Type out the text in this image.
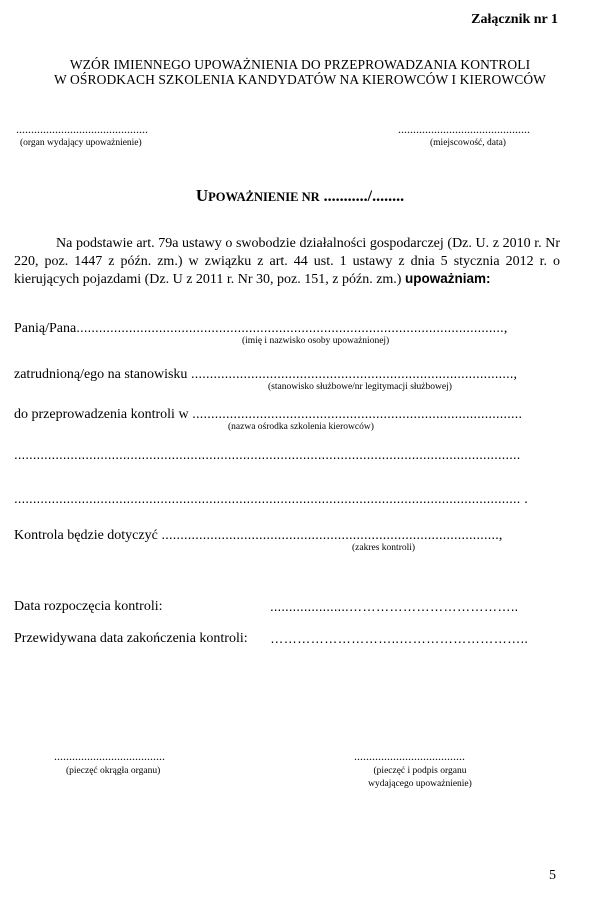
Załącznik nr 1
WZÓR IMIENNEGO UPOWAŻNIENIA DO PRZEPROWADZANIA KONTROLI
W OŚRODKACH SZKOLENIA KANDYDATÓW NA KIEROWCÓW I KIEROWCÓW
............................................
(organ wydający upoważnienie)
............................................
(miejscowość, data)
UPOWAŻNIENIE NR .........../........
Na podstawie art. 79a ustawy o swobodzie działalności gospodarczej (Dz. U. z 2010 r. Nr 220, poz. 1447 z późn. zm.) w związku z art. 44 ust. 1 ustawy z dnia 5 stycznia 2012 r. o kierujących pojazdami (Dz. U z 2011 r. Nr 30, poz. 151, z późn. zm.) upoważniam:
Panią/Pana..................................................................................................................,
(imię i nazwisko osoby upoważnionej)
zatrudnioną/ego na stanowisku ......................................................................................,
(stanowisko służbowe/nr legitymacji służbowej)
do przeprowadzenia kontroli w ........................................................................................
(nazwa ośrodka szkolenia kierowców)
.......................................................................................................................................
....................................................................................................................................... .
Kontrola będzie dotyczyć ..........................................................................................,
(zakres kontroli)
Data rozpoczęcia kontroli:	.....................………………………………..
Przewidywana data zakończenia kontroli: ………………………..………………………..
.....................................
(pieczęć okrągła organu)
.....................................
(pieczęć i podpis organu
wydającego upoważnienie)
5
